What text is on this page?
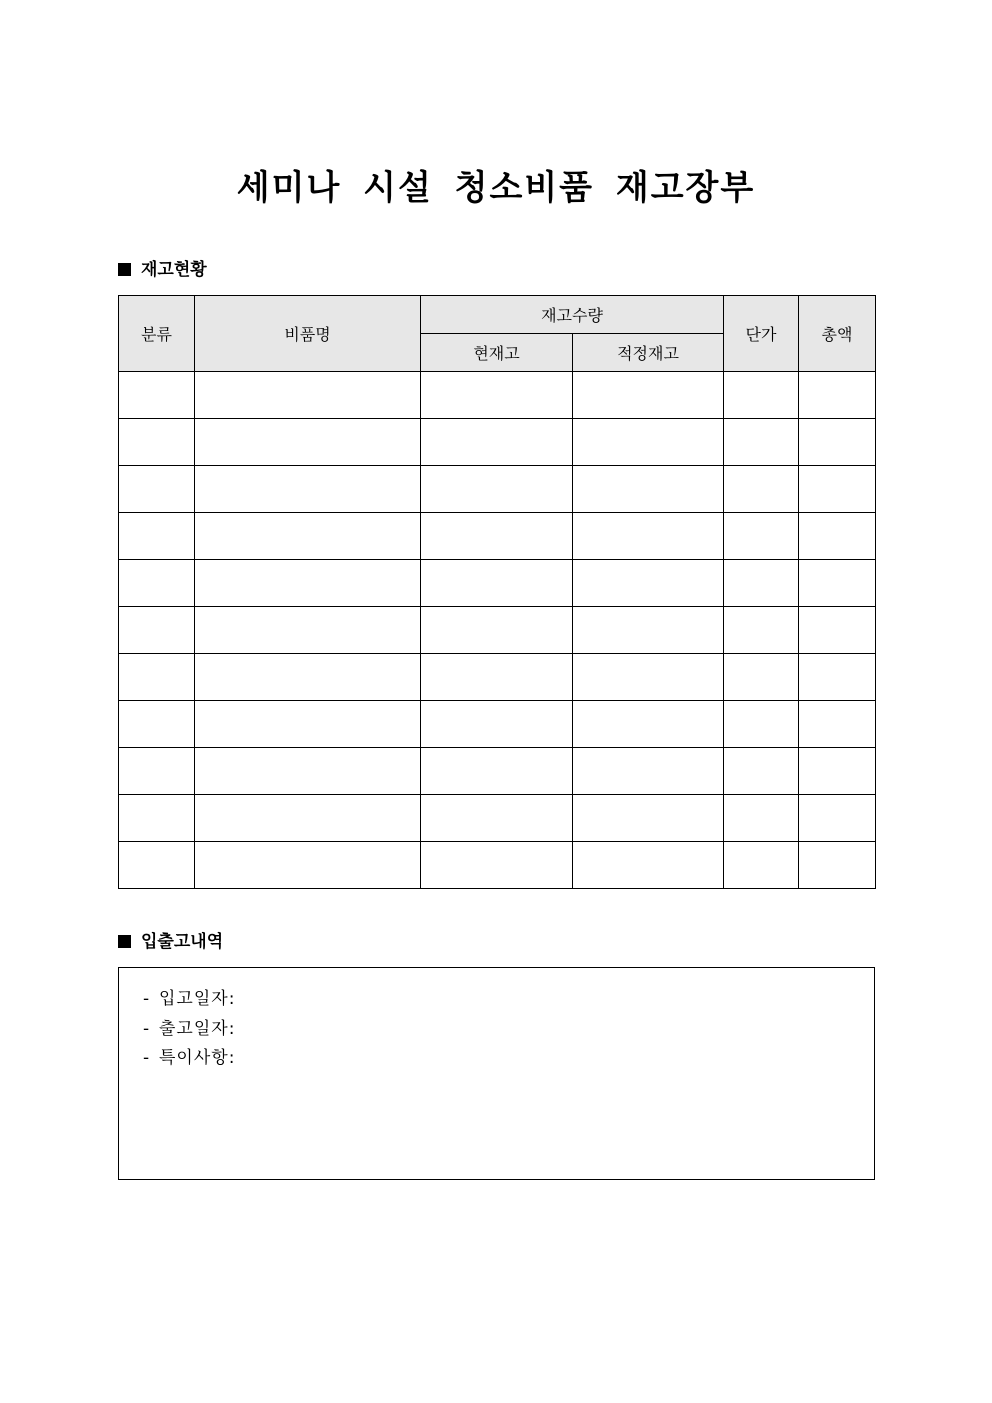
세미나 시설 청소비품 재고장부
재고현황
분류	비품명	재고수량		단가	총액
		현재고	적정재고		

입출고내역
- 입고일자:
- 출고일자:
- 특이사항:
